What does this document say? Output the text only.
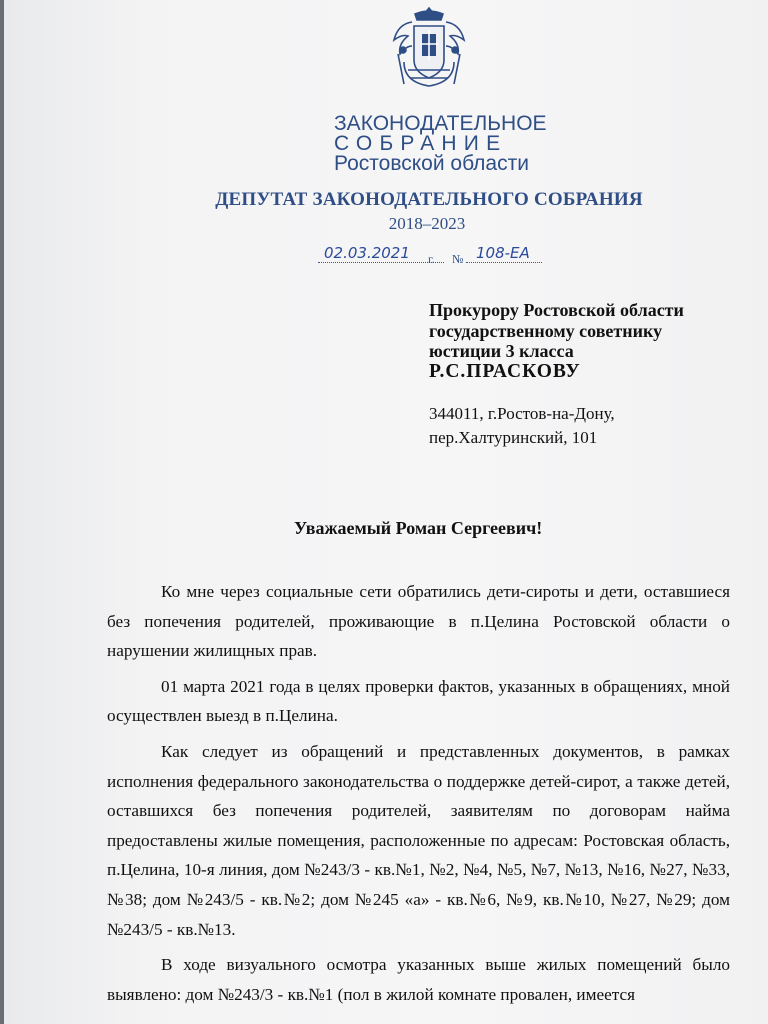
ЗАКОНОДАТЕЛЬНОЕ
СОБРАНИЕ
Ростовской области
ДЕПУТАТ ЗАКОНОДАТЕЛЬНОГО СОБРАНИЯ
2018–2023
02.03.2021 г. № 108-ЕА
Прокурору Ростовской области
государственному советнику
юстиции 3 класса
Р.С.ПРАСКОВУ
344011, г.Ростов-на-Дону,
пер.Халтуринский, 101
Уважаемый Роман Сергеевич!

Ко мне через социальные сети обратились дети-сироты и дети, оставшиеся без попечения родителей, проживающие в п.Целина Ростовской области о нарушении жилищных прав.

01 марта 2021 года в целях проверки фактов, указанных в обращениях, мной осуществлен выезд в п.Целина.

Как следует из обращений и представленных документов, в рамках исполнения федерального законодательства о поддержке детей-сирот, а также детей, оставшихся без попечения родителей, заявителям по договорам найма предоставлены жилые помещения, расположенные по адресам: Ростовская область, п.Целина, 10-я линия, дом №243/3 - кв.№1, №2, №4, №5, №7, №13, №16, №27, №33, №38; дом №243/5 - кв.№2; дом №245 «а» - кв.№6, №9, кв.№10, №27, №29; дом №243/5 - кв.№13.

В ходе визуального осмотра указанных выше жилых помещений было выявлено: дом №243/3 - кв.№1 (пол в жилой комнате провален, имеется
